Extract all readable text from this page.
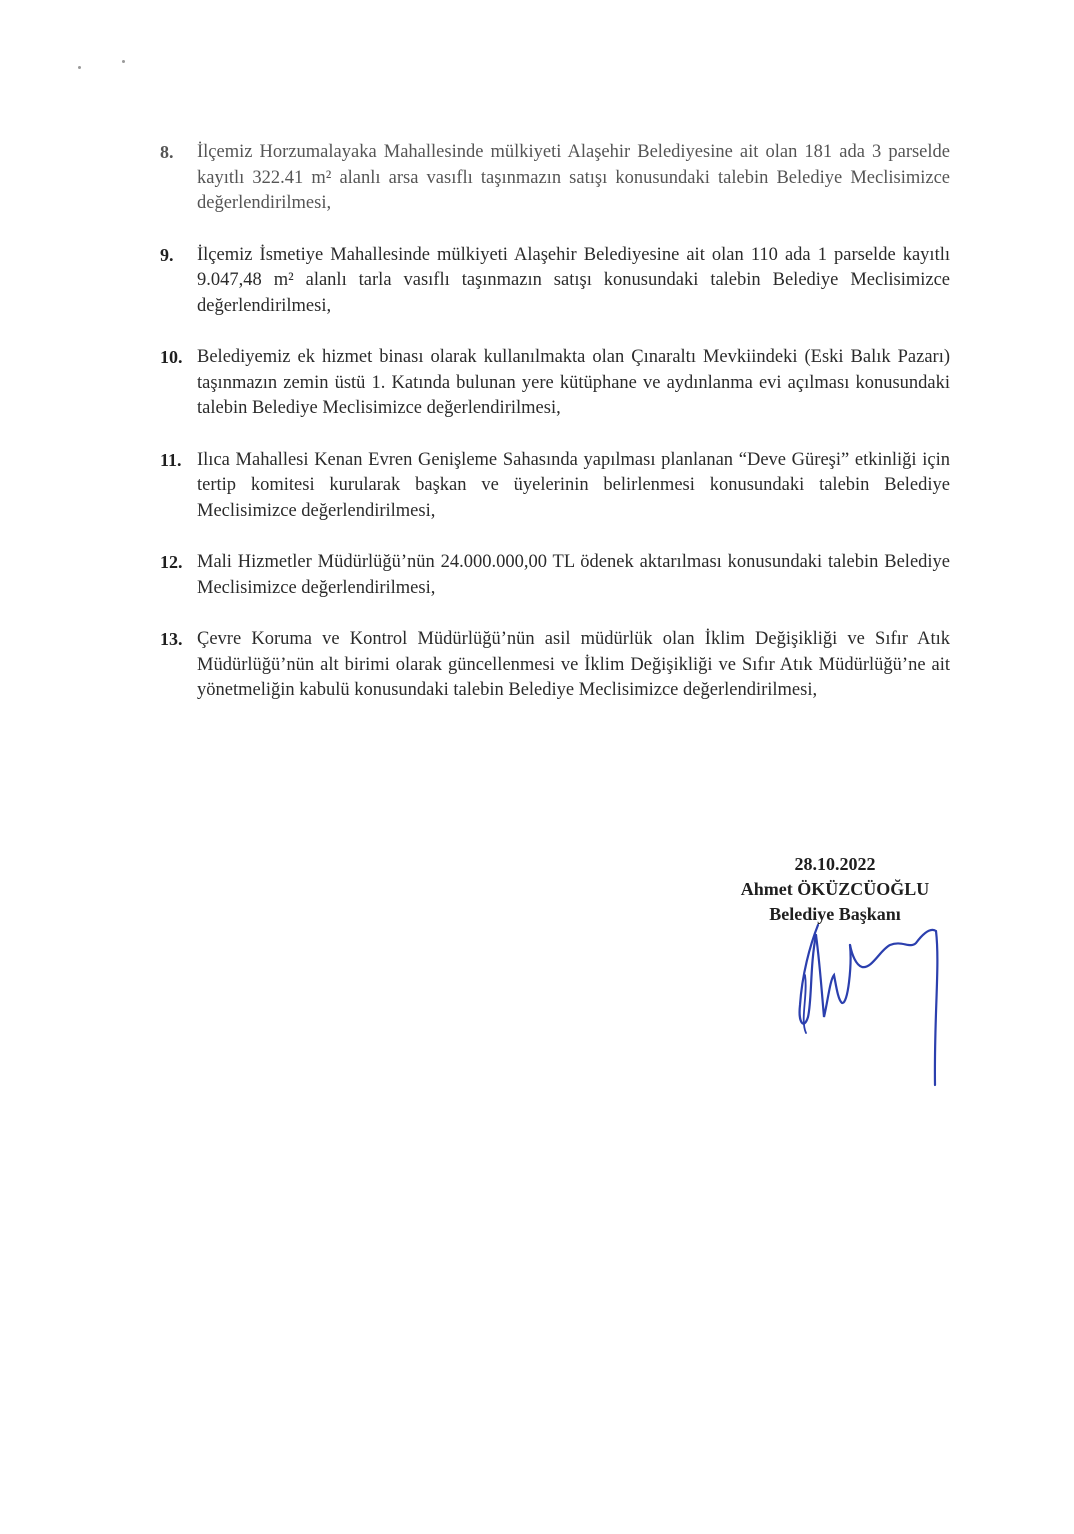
8.	İlçemiz Horzumalayaka Mahallesinde mülkiyeti Alaşehir Belediyesine ait olan 181 ada 3 parselde kayıtlı 322.41 m² alanlı arsa vasıflı taşınmazın satışı konusundaki talebin Belediye Meclisimizce değerlendirilmesi,
9.	İlçemiz İsmetiye Mahallesinde mülkiyeti Alaşehir Belediyesine ait olan 110 ada 1 parselde kayıtlı 9.047,48 m² alanlı tarla vasıflı taşınmazın satışı konusundaki talebin Belediye Meclisimizce değerlendirilmesi,
10. Belediyemiz ek hizmet binası olarak kullanılmakta olan Çınaraltı Mevkiindeki (Eski Balık Pazarı) taşınmazın zemin üstü 1. Katında bulunan yere kütüphane ve aydınlanma evi açılması konusundaki talebin Belediye Meclisimizce değerlendirilmesi,
11. Ilıca Mahallesi Kenan Evren Genişleme Sahasında yapılması planlanan “Deve Güreşi” etkinliği için tertip komitesi kurularak başkan ve üyelerinin belirlenmesi konusundaki talebin Belediye Meclisimizce değerlendirilmesi,
12. Mali Hizmetler Müdürlüğü’nün 24.000.000,00 TL ödenek aktarılması konusundaki talebin Belediye Meclisimizce değerlendirilmesi,
13. Çevre Koruma ve Kontrol Müdürlüğü’nün asil müdürlük olan İklim Değişikliği ve Sıfır Atık Müdürlüğü’nün alt birimi olarak güncellenmesi ve İklim Değişikliği ve Sıfır Atık Müdürlüğü’ne ait yönetmeliğin kabulü konusundaki talebin Belediye Meclisimizce değerlendirilmesi,
28.10.2022
Ahmet ÖKÜZCÜOĞLU
Belediye Başkanı
